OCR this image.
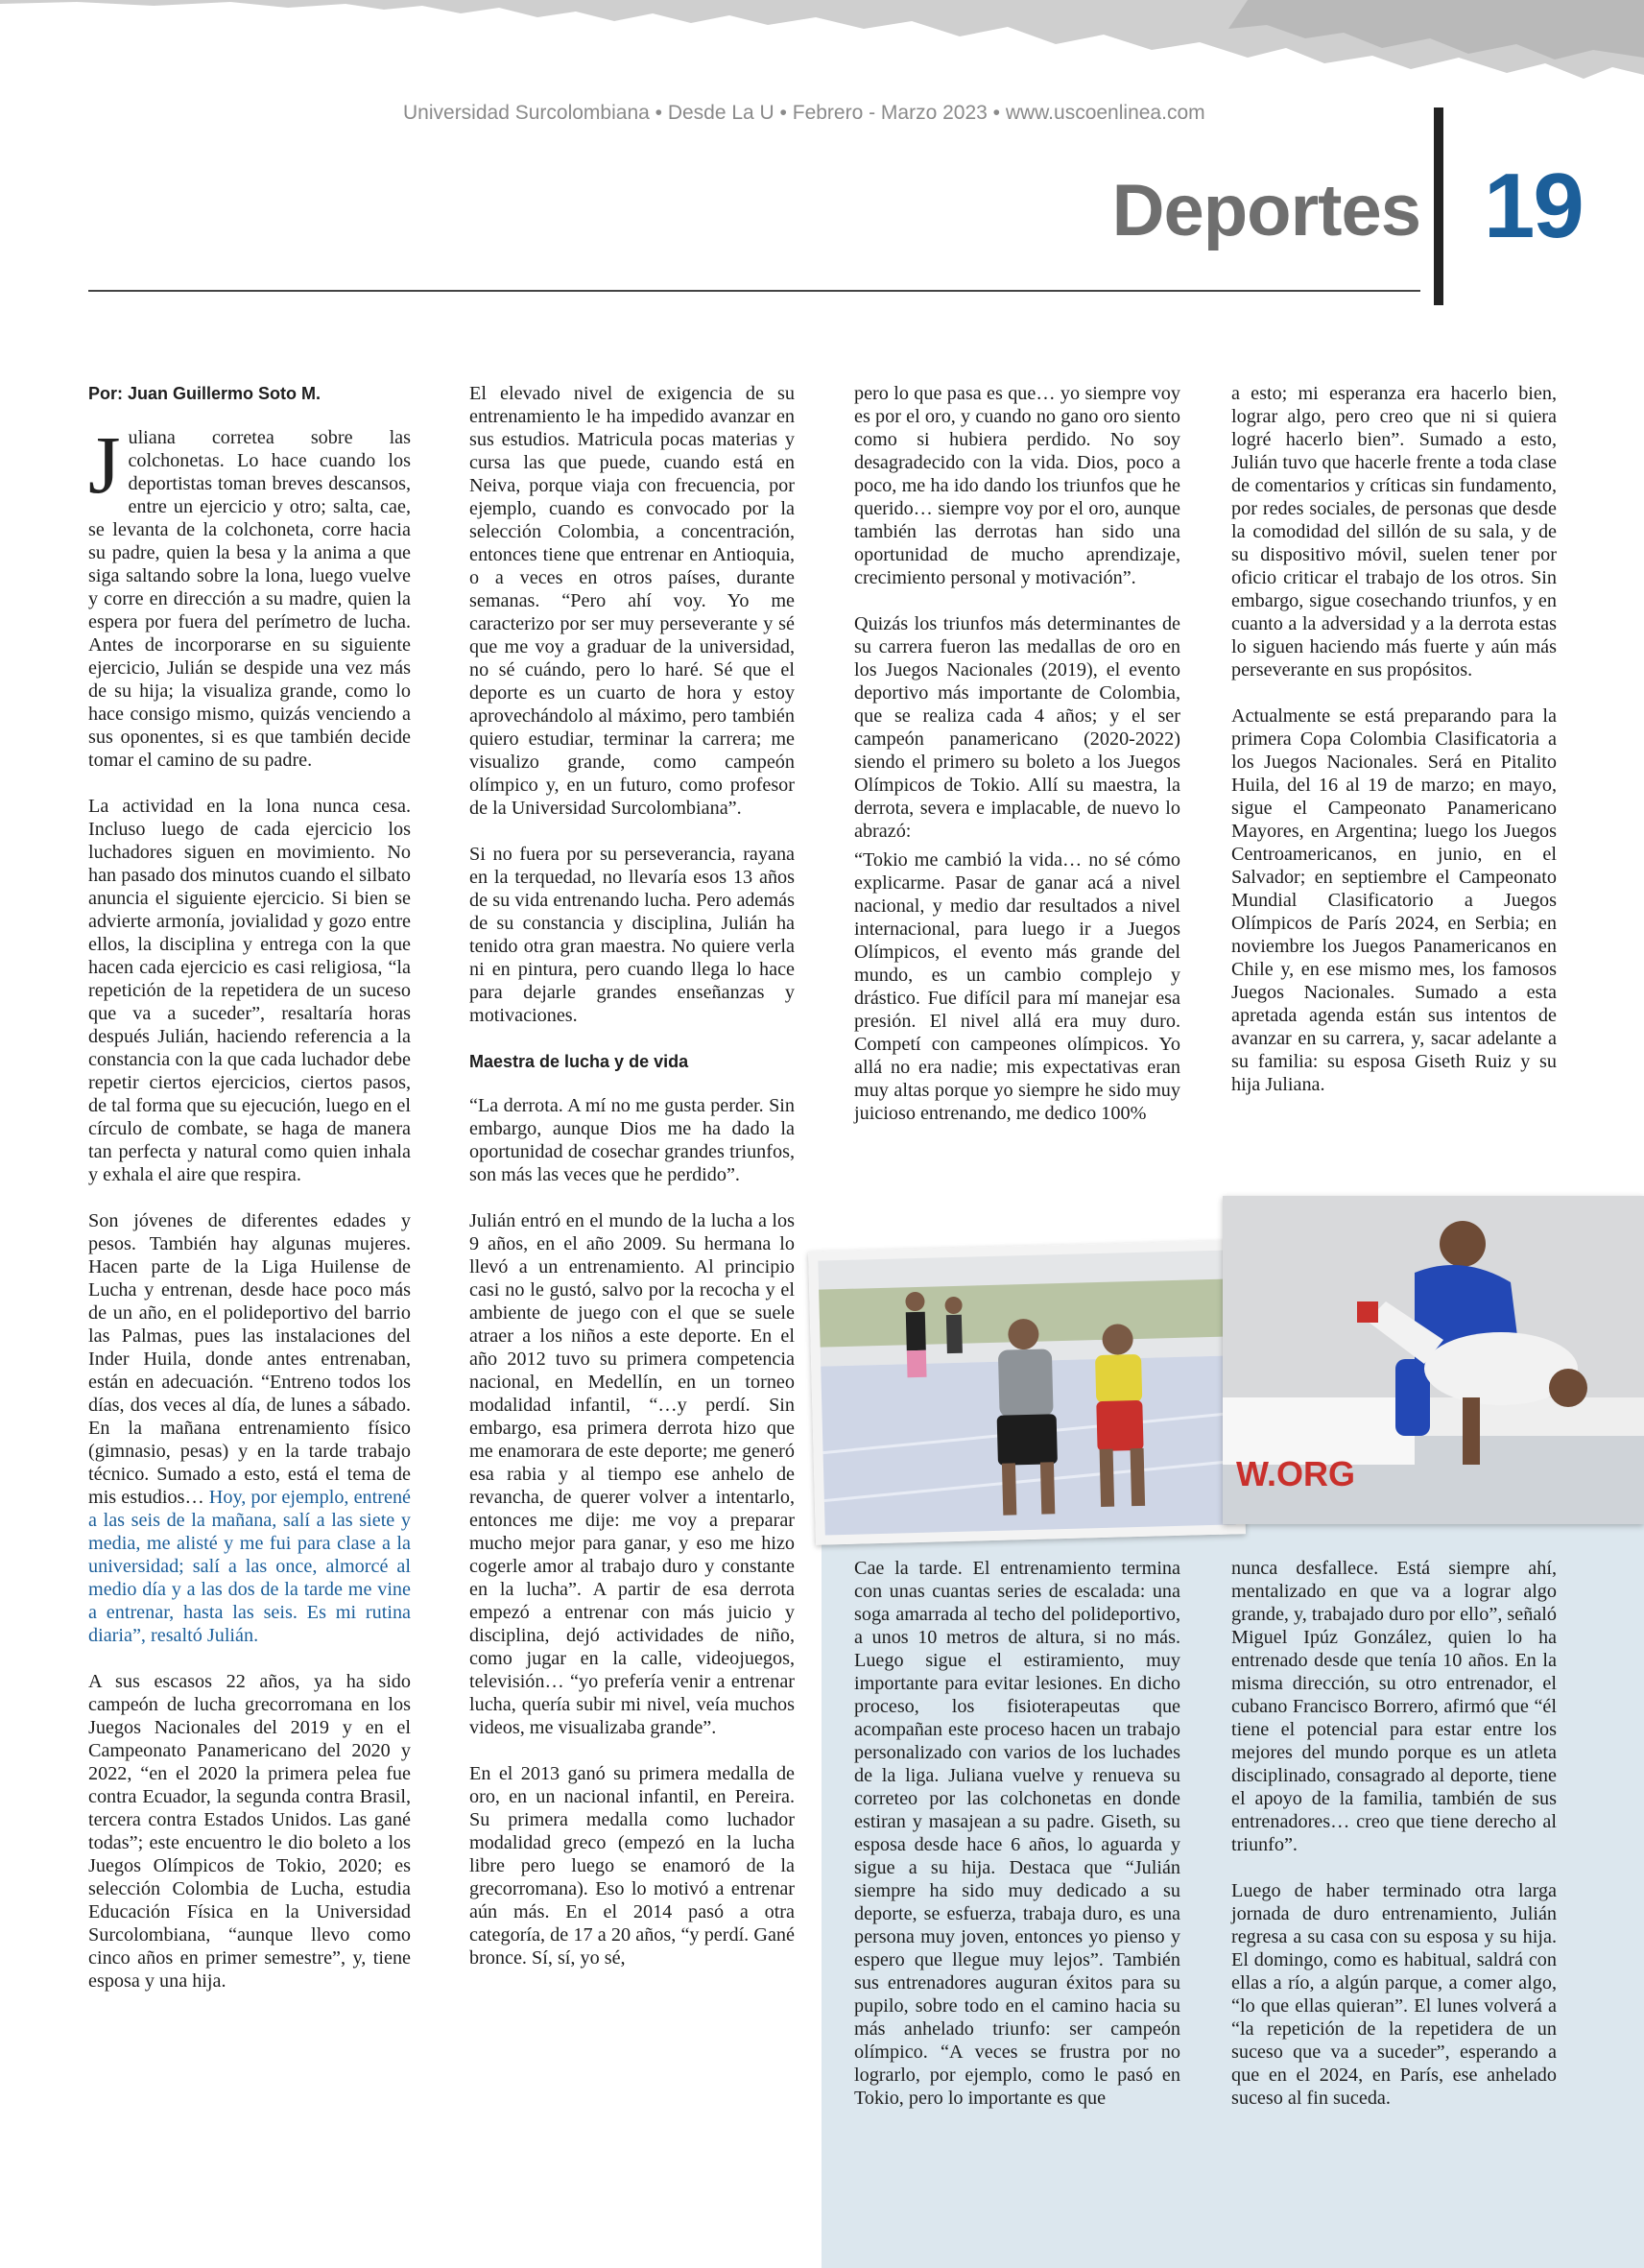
Universidad Surcolombiana • Desde La U • Febrero - Marzo 2023 • www.uscoenlinea.com
Deportes 19
Por: Juan Guillermo Soto M.

Juliana corretea sobre las colchonetas. Lo hace cuando los deportistas toman breves descansos, entre un ejercicio y otro; salta, cae, se levanta de la colchoneta, corre hacia su padre, quien la besa y la anima a que siga saltando sobre la lona, luego vuelve y corre en dirección a su madre, quien la espera por fuera del perímetro de lucha. Antes de incorporarse en su siguiente ejercicio, Julián se despide una vez más de su hija; la visualiza grande, como lo hace consigo mismo, quizás venciendo a sus oponentes, si es que también decide tomar el camino de su padre.

La actividad en la lona nunca cesa. Incluso luego de cada ejercicio los luchadores siguen en movimiento. No han pasado dos minutos cuando el silbato anuncia el siguiente ejercicio. Si bien se advierte armonía, jovialidad y gozo entre ellos, la disciplina y entrega con la que hacen cada ejercicio es casi religiosa, “la repetición de la repetidera de un suceso que va a suceder”, resaltaría horas después Julián, haciendo referencia a la constancia con la que cada luchador debe repetir ciertos ejercicios, ciertos pasos, de tal forma que su ejecución, luego en el círculo de combate, se haga de manera tan perfecta y natural como quien inhala y exhala el aire que respira.

Son jóvenes de diferentes edades y pesos. También hay algunas mujeres. Hacen parte de la Liga Huilense de Lucha y entrenan, desde hace poco más de un año, en el polideportivo del barrio las Palmas, pues las instalaciones del Inder Huila, donde antes entrenaban, están en adecuación. “Entreno todos los días, dos veces al día, de lunes a sábado. En la mañana entrenamiento físico (gimnasio, pesas) y en la tarde trabajo técnico. Sumado a esto, está el tema de mis estudios… Hoy, por ejemplo, entrené a las seis de la mañana, salí a las siete y media, me alisté y me fui para clase a la universidad; salí a las once, almorcé al medio día y a las dos de la tarde me vine a entrenar, hasta las seis. Es mi rutina diaria”, resaltó Julián.

A sus escasos 22 años, ya ha sido campeón de lucha grecorromana en los Juegos Nacionales del 2019 y en el Campeonato Panamericano del 2020 y 2022, “en el 2020 la primera pelea fue contra Ecuador, la segunda contra Brasil, tercera contra Estados Unidos. Las gané todas”; este encuentro le dio boleto a los Juegos Olímpicos de Tokio, 2020; es selección Colombia de Lucha, estudia Educación Física en la Universidad Surcolombiana, “aunque llevo como cinco años en primer semestre”, y, tiene esposa y una hija.

El elevado nivel de exigencia de su entrenamiento le ha impedido avanzar en sus estudios. Matricula pocas materias y cursa las que puede, cuando está en Neiva, porque viaja con frecuencia, por ejemplo, cuando es convocado por la selección Colombia, a concentración, entonces tiene que entrenar en Antioquia, o a veces en otros países, durante semanas. “Pero ahí voy. Yo me caracterizo por ser muy perseverante y sé que me voy a graduar de la universidad, no sé cuándo, pero lo haré. Sé que el deporte es un cuarto de hora y estoy aprovechándolo al máximo, pero también quiero estudiar, terminar la carrera; me visualizo grande, como campeón olímpico y, en un futuro, como profesor de la Universidad Surcolombiana”.

Si no fuera por su perseverancia, rayana en la terquedad, no llevaría esos 13 años de su vida entrenando lucha. Pero además de su constancia y disciplina, Julián ha tenido otra gran maestra. No quiere verla ni en pintura, pero cuando llega lo hace para dejarle grandes enseñanzas y motivaciones.

Maestra de lucha y de vida

“La derrota. A mí no me gusta perder. Sin embargo, aunque Dios me ha dado la oportunidad de cosechar grandes triunfos, son más las veces que he perdido”.

Julián entró en el mundo de la lucha a los 9 años, en el año 2009. Su hermana lo llevó a un entrenamiento. Al principio casi no le gustó, salvo por la recocha y el ambiente de juego con el que se suele atraer a los niños a este deporte. En el año 2012 tuvo su primera competencia nacional, en Medellín, en un torneo modalidad infantil, “…y perdí. Sin embargo, esa primera derrota hizo que me enamorara de este deporte; me generó esa rabia y al tiempo ese anhelo de revancha, de querer volver a intentarlo, entonces me dije: me voy a preparar mucho mejor para ganar, y eso me hizo cogerle amor al trabajo duro y constante en la lucha”. A partir de esa derrota empezó a entrenar con más juicio y disciplina, dejó actividades de niño, como jugar en la calle, videojuegos, televisión… “yo prefería venir a entrenar lucha, quería subir mi nivel, veía muchos videos, me visualizaba grande”.

En el 2013 ganó su primera medalla de oro, en un nacional infantil, en Pereira. Su primera medalla como luchador modalidad greco (empezó en la lucha libre pero luego se enamoró de la grecorromana). Eso lo motivó a entrenar aún más. En el 2014 pasó a otra categoría, de 17 a 20 años, “y perdí. Gané bronce. Sí, sí, yo sé,

pero lo que pasa es que… yo siempre voy es por el oro, y cuando no gano oro siento como si hubiera perdido. No soy desagradecido con la vida. Dios, poco a poco, me ha ido dando los triunfos que he querido… siempre voy por el oro, aunque también las derrotas han sido una oportunidad de mucho aprendizaje, crecimiento personal y motivación”.

Quizás los triunfos más determinantes de su carrera fueron las medallas de oro en los Juegos Nacionales (2019), el evento deportivo más importante de Colombia, que se realiza cada 4 años; y el ser campeón panamericano (2020-2022) siendo el primero su boleto a los Juegos Olímpicos de Tokio. Allí su maestra, la derrota, severa e implacable, de nuevo lo abrazó:

“Tokio me cambió la vida… no sé cómo explicarme. Pasar de ganar acá a nivel nacional, y medio dar resultados a nivel internacional, para luego ir a Juegos Olímpicos, el evento más grande del mundo, es un cambio complejo y drástico. Fue difícil para mí manejar esa presión. El nivel allá era muy duro. Competí con campeones olímpicos. Yo allá no era nadie; mis expectativas eran muy altas porque yo siempre he sido muy juicioso entrenando, me dedico 100%

a esto; mi esperanza era hacerlo bien, lograr algo, pero creo que ni si quiera logré hacerlo bien”. Sumado a esto, Julián tuvo que hacerle frente a toda clase de comentarios y críticas sin fundamento, por redes sociales, de personas que desde la comodidad del sillón de su sala, y de su dispositivo móvil, suelen tener por oficio criticar el trabajo de los otros. Sin embargo, sigue cosechando triunfos, y en cuanto a la adversidad y a la derrota estas lo siguen haciendo más fuerte y aún más perseverante en sus propósitos.

Actualmente se está preparando para la primera Copa Colombia Clasificatoria a los Juegos Nacionales. Será en Pitalito Huila, del 16 al 19 de marzo; en mayo, sigue el Campeonato Panamericano Mayores, en Argentina; luego los Juegos Centroamericanos, en junio, en el Salvador; en septiembre el Campeonato Mundial Clasificatorio a Juegos Olímpicos de París 2024, en Serbia; en noviembre los Juegos Panamericanos en Chile y, en ese mismo mes, los famosos Juegos Nacionales. Sumado a esta apretada agenda están sus intentos de avanzar en su carrera, y, sacar adelante a su familia: su esposa Giseth Ruiz y su hija Juliana.

Cae la tarde. El entrenamiento termina con unas cuantas series de escalada: una soga amarrada al techo del polideportivo, a unos 10 metros de altura, si no más. Luego sigue el estiramiento, muy importante para evitar lesiones. En dicho proceso, los fisioterapeutas que acompañan este proceso hacen un trabajo personalizado con varios de los luchades de la liga. Juliana vuelve y renueva su correteo por las colchonetas en donde estiran y masajean a su padre. Giseth, su esposa desde hace 6 años, lo aguarda y sigue a su hija. Destaca que “Julián siempre ha sido muy dedicado a su deporte, se esfuerza, trabaja duro, es una persona muy joven, entonces yo pienso y espero que llegue muy lejos”. También sus entrenadores auguran éxitos para su pupilo, sobre todo en el camino hacia su más anhelado triunfo: ser campeón olímpico. “A veces se frustra por no lograrlo, por ejemplo, como le pasó en Tokio, pero lo importante es que

nunca desfallece. Está siempre ahí, mentalizado en que va a lograr algo grande, y, trabajado duro por ello”, señaló Miguel Ipúz González, quien lo ha entrenado desde que tenía 10 años. En la misma dirección, su otro entrenador, el cubano Francisco Borrero, afirmó que “él tiene el potencial para estar entre los mejores del mundo porque es un atleta disciplinado, consagrado al deporte, tiene el apoyo de la familia, también de sus entrenadores… creo que tiene derecho al triunfo”.

Luego de haber terminado otra larga jornada de duro entrenamiento, Julián regresa a su casa con su esposa y su hija. El domingo, como es habitual, saldrá con ellas a río, a algún parque, a comer algo, “lo que ellas quieran”. El lunes volverá a “la repetición de la repetidera de un suceso que va a suceder”, esperando a que en el 2024, en París, ese anhelado suceso al fin suceda.

W.ORG
